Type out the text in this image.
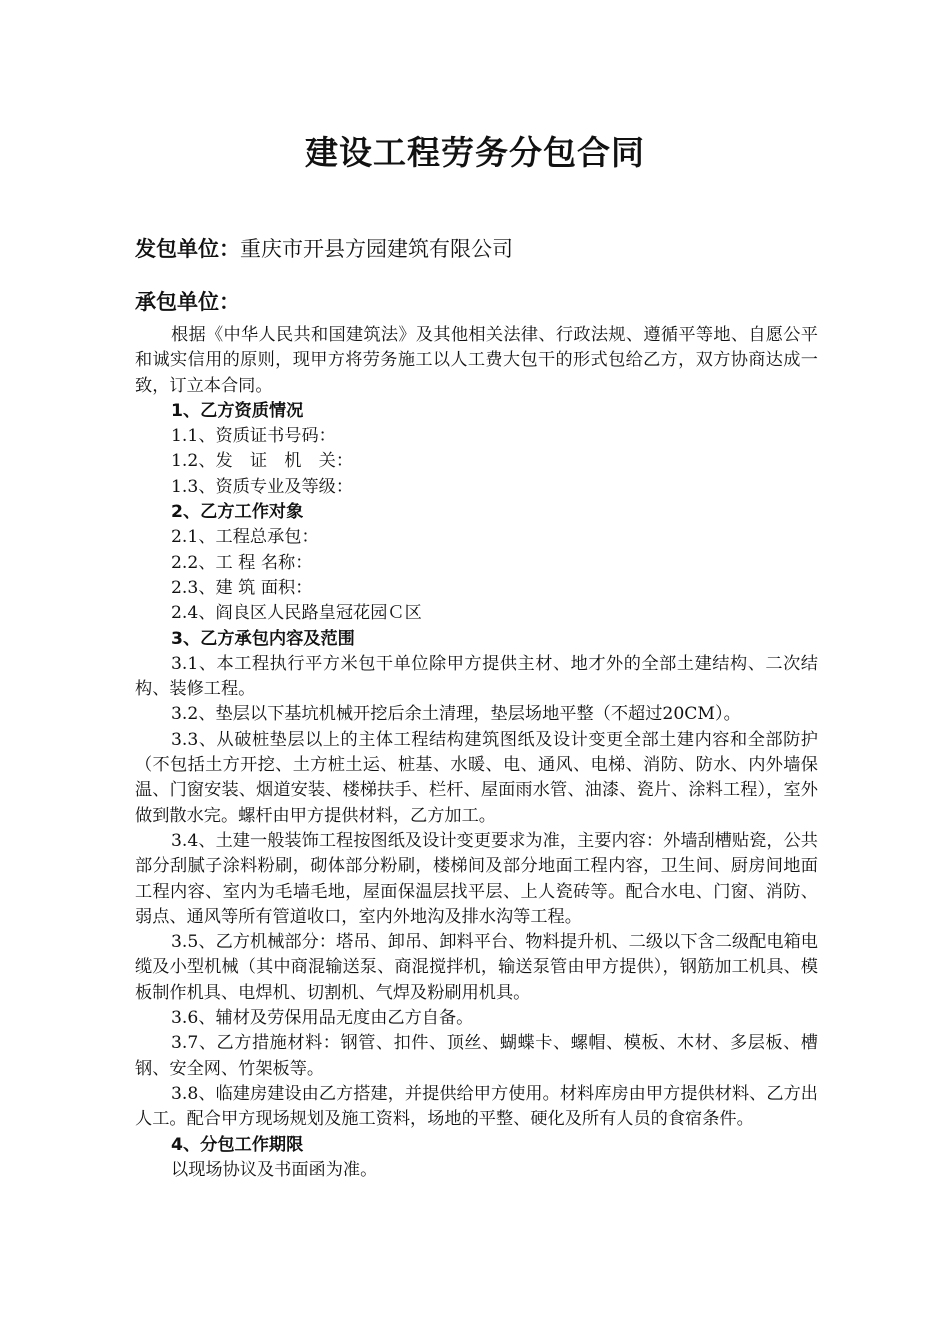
建设工程劳务分包合同
发包单位：重庆市开县方园建筑有限公司
承包单位：

根据《中华人民共和国建筑法》及其他相关法律、行政法规、遵循平等地、自愿公平和诚实信用的原则，现甲方将劳务施工以人工费大包干的形式包给乙方，双方协商达成一致，订立本合同。

1、乙方资质情况

1.1、资质证书号码：

1.2、发　证　机　关：

1.3、资质专业及等级：

2、乙方工作对象

2.1、工程总承包：

2.2、工 程 名称：

2.3、建 筑 面积：

2.4、阎良区人民路皇冠花园Ｃ区

3、乙方承包内容及范围

3.1、本工程执行平方米包干单位除甲方提供主材、地才外的全部土建结构、二次结构、装修工程。

3.2、垫层以下基坑机械开挖后余土清理，垫层场地平整（不超过20CM）。

3.3、从破桩垫层以上的主体工程结构建筑图纸及设计变更全部土建内容和全部防护（不包括土方开挖、土方桩土运、桩基、水暖、电、通风、电梯、消防、防水、内外墙保温、门窗安装、烟道安装、楼梯扶手、栏杆、屋面雨水管、油漆、瓷片、涂料工程），室外做到散水完。螺杆由甲方提供材料，乙方加工。

3.4、土建一般装饰工程按图纸及设计变更要求为准，主要内容：外墙刮槽贴瓷，公共部分刮腻子涂料粉刷，砌体部分粉刷，楼梯间及部分地面工程内容，卫生间、厨房间地面工程内容、室内为毛墙毛地，屋面保温层找平层、上人瓷砖等。配合水电、门窗、消防、弱点、通风等所有管道收口，室内外地沟及排水沟等工程。

3.5、乙方机械部分：塔吊、卸吊、卸料平台、物料提升机、二级以下含二级配电箱电缆及小型机械（其中商混输送泵、商混搅拌机，输送泵管由甲方提供），钢筋加工机具、模板制作机具、电焊机、切割机、气焊及粉刷用机具。

3.6、辅材及劳保用品无度由乙方自备。

3.7、乙方措施材料：钢管、扣件、顶丝、蝴蝶卡、螺帽、模板、木材、多层板、槽钢、安全网、竹架板等。

3.8、临建房建设由乙方搭建，并提供给甲方使用。材料库房由甲方提供材料、乙方出人工。配合甲方现场规划及施工资料，场地的平整、硬化及所有人员的食宿条件。

4、分包工作期限

以现场协议及书面函为准。
